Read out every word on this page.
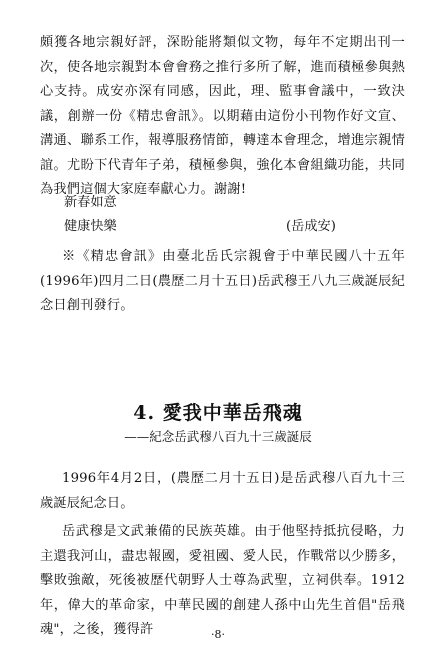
頗獲各地宗親好評，深盼能將類似文物，每年不定期出刊一次，使各地宗親對本會會務之推行多所了解，進而積極參與熱心支持。成安亦深有同感，因此，理、監事會議中，一致決議，創辦一份《精忠會訊》。以期藉由這份小刊物作好文宣、溝通、聯系工作，報導服務情節，轉達本會理念，增進宗親情誼。尤盼下代青年子弟，積極參與，強化本會組織功能，共同為我們這個大家庭奉獻心力。謝謝!
新春如意
健康快樂	(岳成安)
※《精忠會訊》由臺北岳氏宗親會于中華民國八十五年(1996年)四月二日(農歷二月十五日)岳武穆王八九三歲誕辰紀念日創刊發行。
4. 愛我中華岳飛魂
——紀念岳武穆八百九十三歲誕辰
1996年4月2日，(農歷二月十五日)是岳武穆八百九十三歲誕辰紀念日。
岳武穆是文武兼備的民族英雄。由于他堅持抵抗侵略，力主還我河山，盡忠報國，愛祖國、愛人民，作戰常以少勝多，擊敗強敵，死後被歷代朝野人士尊為武聖，立祠供奉。1912年，偉大的革命家，中華民國的創建人孫中山先生首倡"岳飛魂"，之後，獲得許	·8·
